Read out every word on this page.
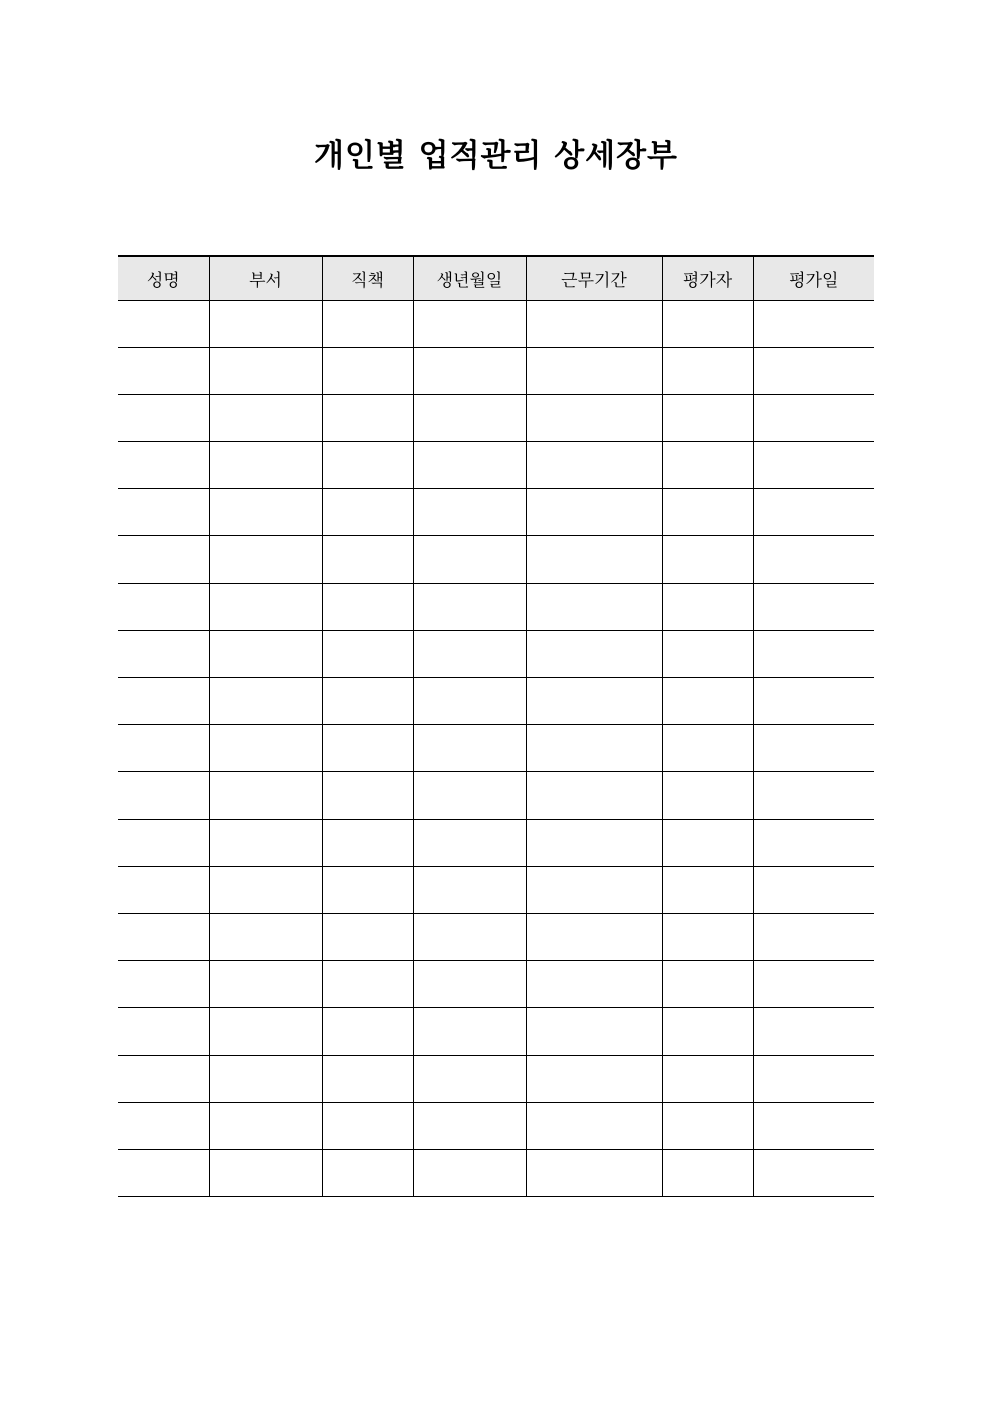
개인별 업적관리 상세장부
성명	부서	직책	생년월일	근무기간	평가자	평가일
